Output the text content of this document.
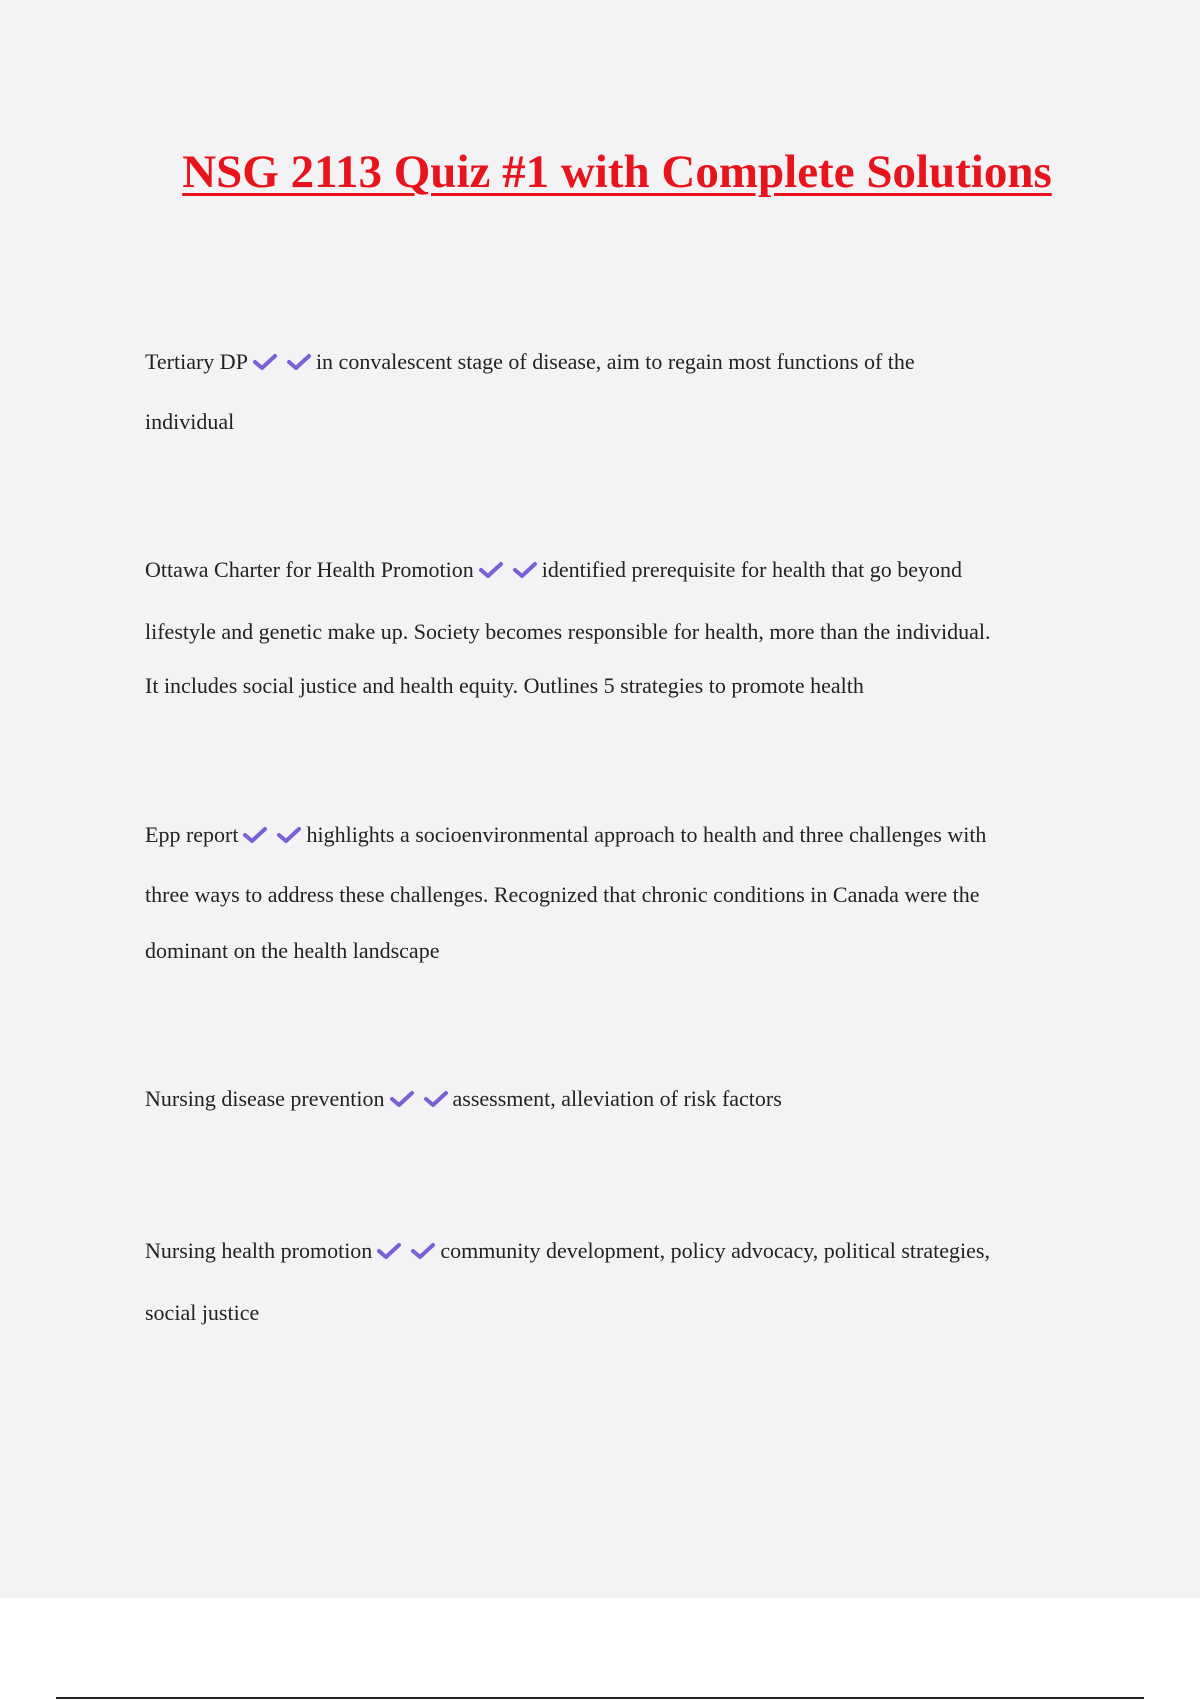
NSG 2113 Quiz #1 with Complete Solutions
Tertiary DP	in convalescent stage of disease, aim to regain most functions of the
individual
Ottawa Charter for Health Promotion	identified prerequisite for health that go beyond
lifestyle and genetic make up. Society becomes responsible for health, more than the individual.
It includes social justice and health equity. Outlines 5 strategies to promote health
Epp report	highlights a socioenvironmental approach to health and three challenges with
three ways to address these challenges. Recognized that chronic conditions in Canada were the
dominant on the health landscape
Nursing disease prevention	assessment, alleviation of risk factors
Nursing health promotion	community development, policy advocacy, political strategies,
social justice
